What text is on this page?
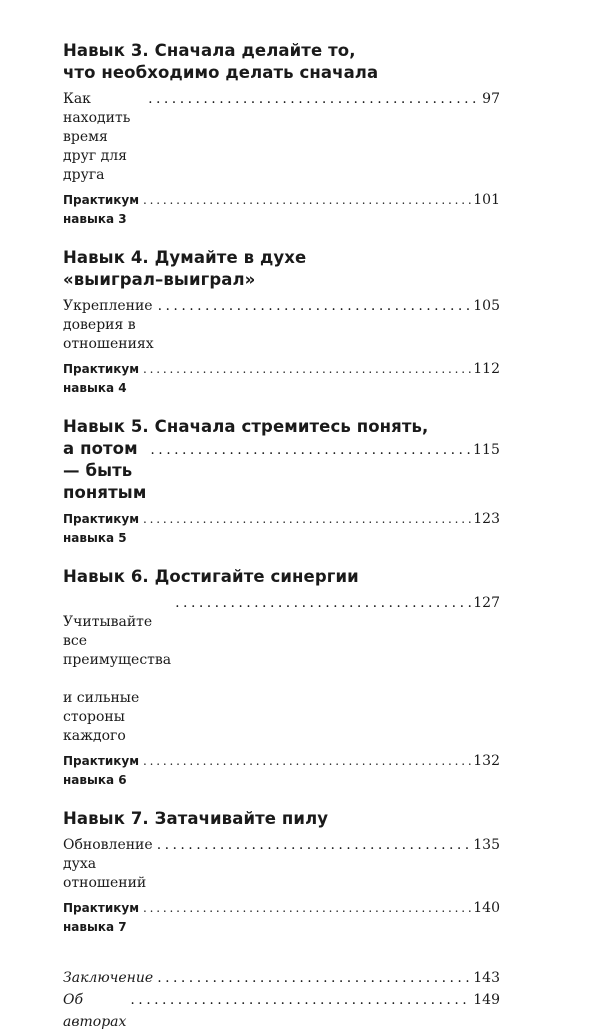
Навык 3. Сначала делайте то,
что необходимо делать сначала
Как находить время друг для друга
. . .
97
Практикум навыка 3
. . .
101
Навык 4. Думайте в духе
«выиграл–выиграл»
Укрепление доверия в отношениях
. . .
105
Практикум навыка 4
. . .
112
Навык 5. Сначала стремитесь понять,
а потом — быть понятым
. . .
115
Практикум навыка 5
. . .
123
Навык 6. Достигайте синергии

Учитывайте все преимущества

и сильные стороны каждого

. . .
127
Практикум навыка 6
. . .
132
Навык 7. Затачивайте пилу
Обновление духа отношений
. . .
135
Практикум навыка 7
. . .
140
Заключение
. . .	143
Об авторах
. . .
149
